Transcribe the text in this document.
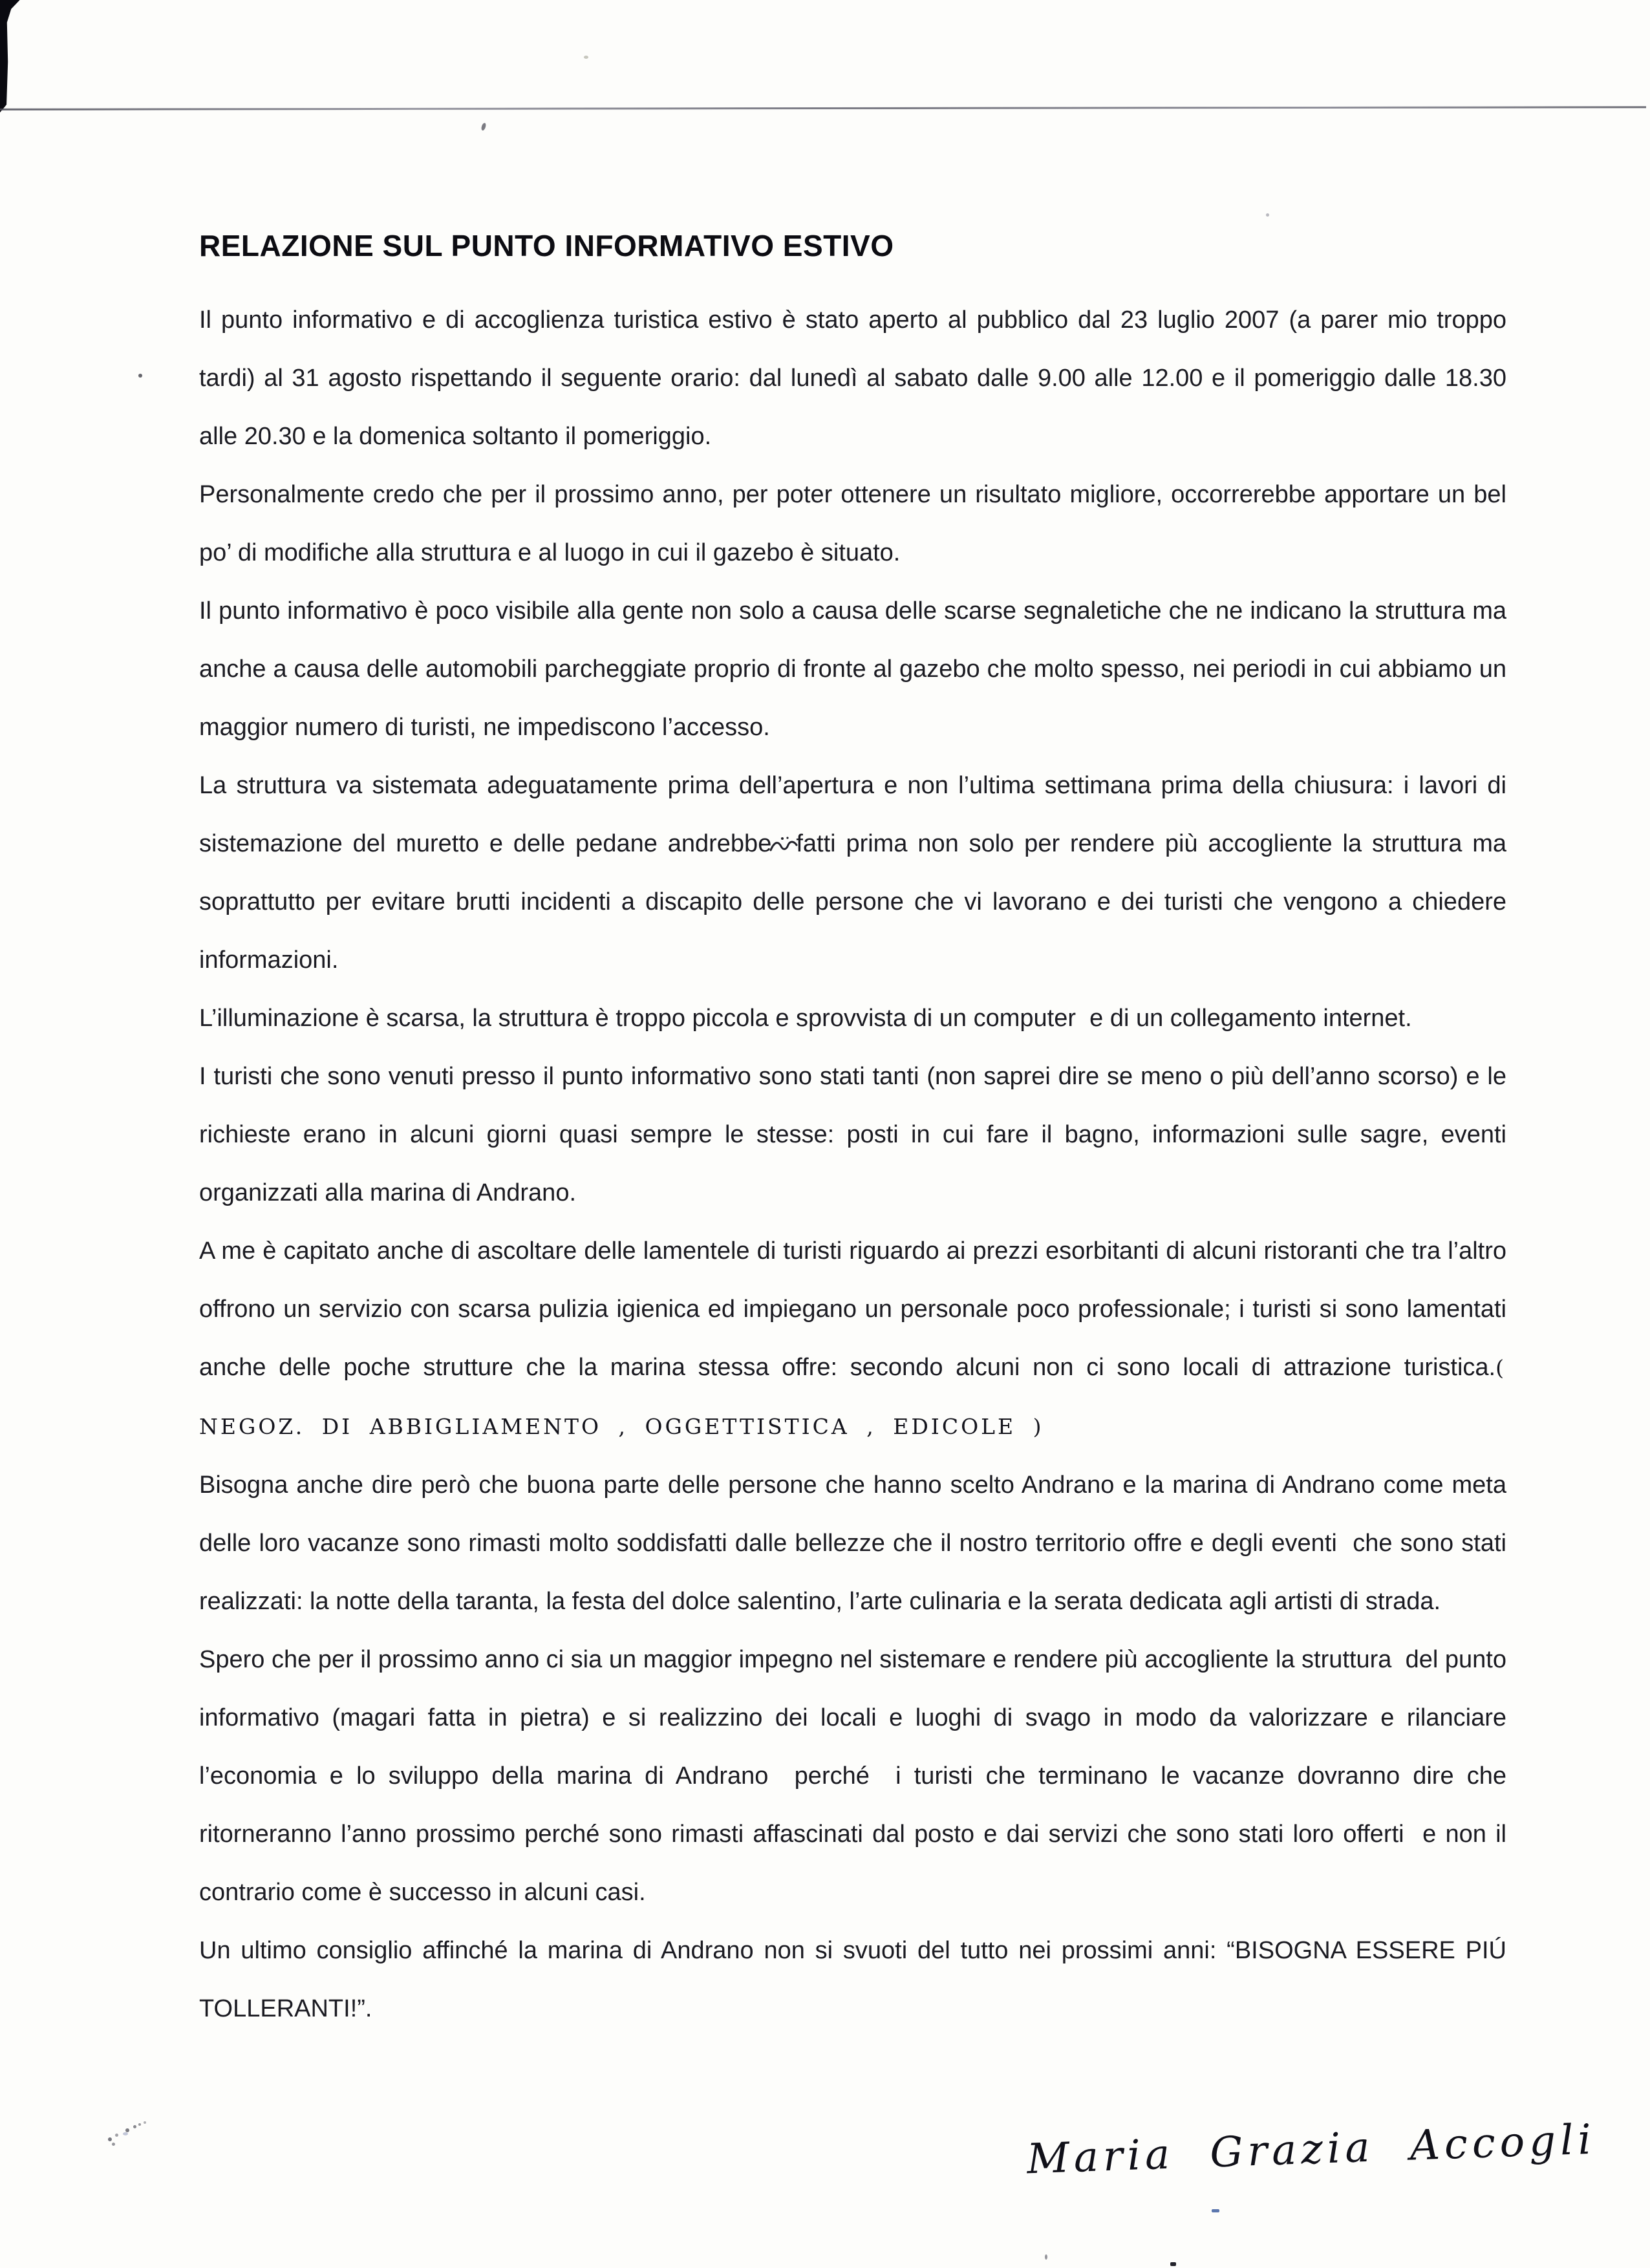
RELAZIONE SUL PUNTO INFORMATIVO ESTIVO

Il punto informativo e di accoglienza turistica estivo è stato aperto al pubblico dal 23 luglio 2007 (a parer mio troppo tardi) al 31 agosto rispettando il seguente orario: dal lunedì al sabato dalle 9.00 alle 12.00 e il pomeriggio dalle 18.30 alle 20.30 e la domenica soltanto il pomeriggio.

Personalmente credo che per il prossimo anno, per poter ottenere un risultato migliore, occorrerebbe apportare un bel po’ di modifiche alla struttura e al luogo in cui il gazebo è situato.

Il punto informativo è poco visibile alla gente non solo a causa delle scarse segnaletiche che ne indicano la struttura ma anche a causa delle automobili parcheggiate proprio di fronte al gazebo che molto spesso, nei periodi in cui abbiamo un maggior numero di turisti, ne impediscono l’accesso.

La struttura va sistemata adeguatamente prima dell’apertura e non l’ultima settimana prima della chiusura: i lavori di sistemazione del muretto e delle pedane andrebbe fatti prima non solo per rendere più accogliente la struttura ma soprattutto per evitare brutti incidenti a discapito delle persone che vi lavorano e dei turisti che vengono a chiedere informazioni.

L’illuminazione è scarsa, la struttura è troppo piccola e sprovvista di un computer  e di un collegamento internet.

I turisti che sono venuti presso il punto informativo sono stati tanti (non saprei dire se meno o più dell’anno scorso) e le richieste erano in alcuni giorni quasi sempre le stesse: posti in cui fare il bagno, informazioni sulle sagre, eventi organizzati alla marina di Andrano.

A me è capitato anche di ascoltare delle lamentele di turisti riguardo ai prezzi esorbitanti di alcuni ristoranti che tra l’altro offrono un servizio con scarsa pulizia igienica ed impiegano un personale poco professionale; i turisti si sono lamentati anche delle poche strutture che la marina stessa offre: secondo alcuni non ci sono locali di attrazione turistica.( NEGOZ. DI ABBIGLIAMENTO , OGGETTISTICA , EDICOLE )

Bisogna anche dire però che buona parte delle persone che hanno scelto Andrano e la marina di Andrano come meta delle loro vacanze sono rimasti molto soddisfatti dalle bellezze che il nostro territorio offre e degli eventi  che sono stati realizzati: la notte della taranta, la festa del dolce salentino, l’arte culinaria e la serata dedicata agli artisti di strada.

Spero che per il prossimo anno ci sia un maggior impegno nel sistemare e rendere più accogliente la struttura  del punto informativo (magari fatta in pietra) e si realizzino dei locali e luoghi di svago in modo da valorizzare e rilanciare l’economia e lo sviluppo della marina di Andrano  perché  i turisti che terminano le vacanze dovranno dire che ritorneranno l’anno prossimo perché sono rimasti affascinati dal posto e dai servizi che sono stati loro offerti  e non il contrario come è successo in alcuni casi.

Un ultimo consiglio affinché la marina di Andrano non si svuoti del tutto nei prossimi anni: “BISOGNA ESSERE PIÚ TOLLERANTI!”.

Maria Grazia Accogli
